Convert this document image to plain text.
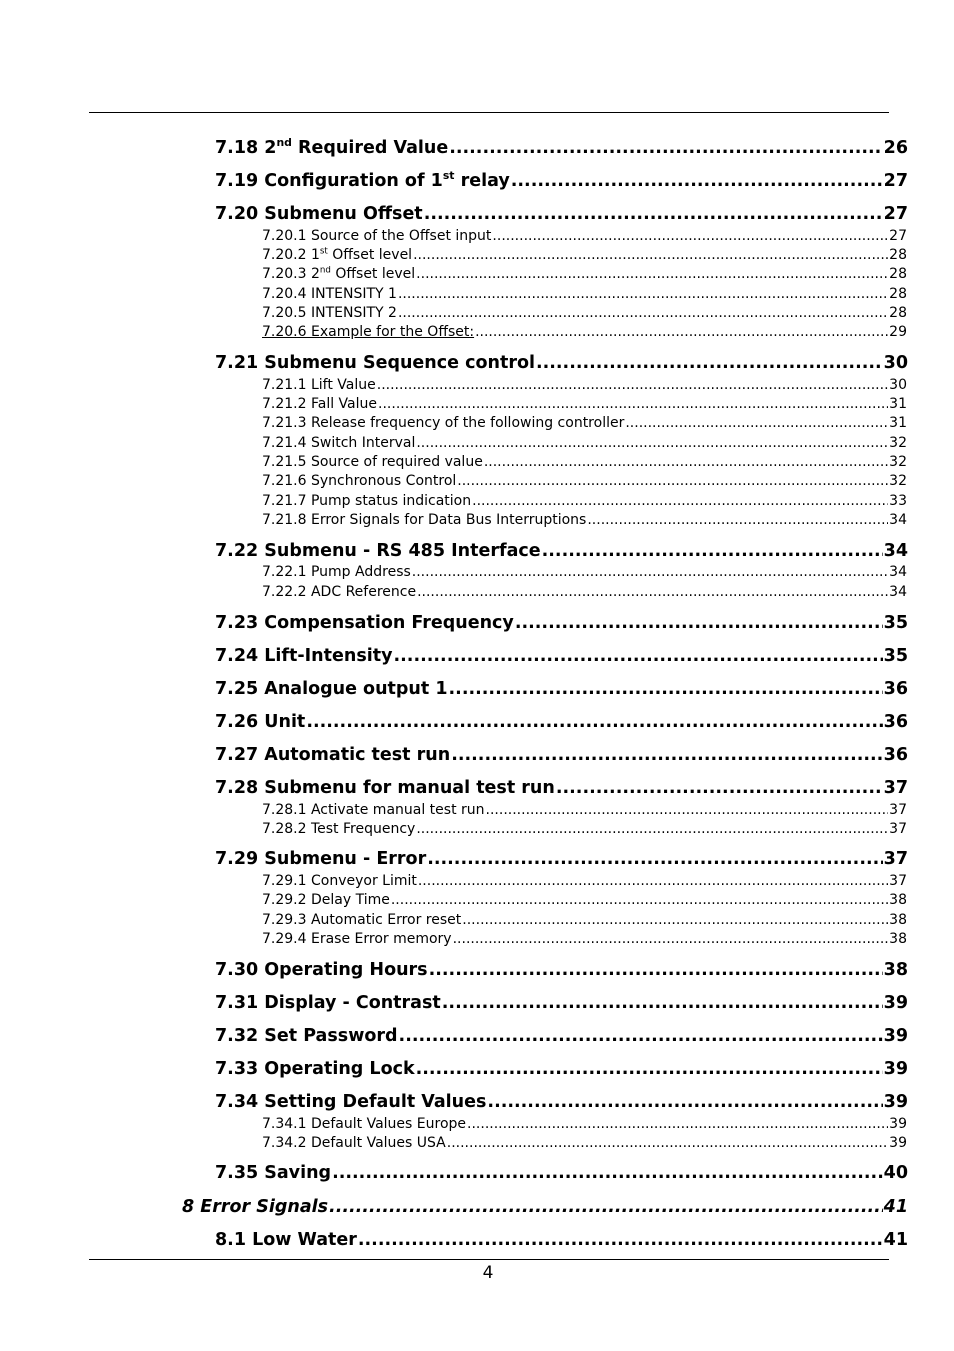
7.18 2nd Required Value .....	26
7.19 Configuration of 1st relay .....	27
7.20 Submenu Offset .....	27
7.20.1 Source of the Offset input .....	27
7.20.2 1st Offset level .....	28
7.20.3 2nd Offset level .....	28
7.20.4 INTENSITY 1 .....	28
7.20.5 INTENSITY 2 .....	28
7.20.6 Example for the Offset: .....	29
7.21 Submenu Sequence control .....	30
7.21.1 Lift Value .....	30
7.21.2 Fall Value .....	31
7.21.3 Release frequency of the following controller .....	31
7.21.4 Switch Interval .....	32
7.21.5 Source of required value .....	32
7.21.6 Synchronous Control .....	32
7.21.7 Pump status indication .....	33
7.21.8 Error Signals for Data Bus Interruptions .....	34
7.22 Submenu - RS 485 Interface .....	34
7.22.1 Pump Address .....	34
7.22.2 ADC Reference .....	34
7.23 Compensation Frequency .....	35
7.24 Lift-Intensity .....	35
7.25 Analogue output 1 .....	36
7.26 Unit .....	36
7.27 Automatic test run .....	36
7.28 Submenu for manual test run .....	37
7.28.1 Activate manual test run .....	37
7.28.2 Test Frequency .....	37
7.29 Submenu - Error .....	37
7.29.1 Conveyor Limit .....	37
7.29.2 Delay Time .....	38
7.29.3 Automatic Error reset .....	38
7.29.4 Erase Error memory .....	38
7.30 Operating Hours .....	38
7.31 Display - Contrast .....	39
7.32 Set Password .....	39
7.33 Operating Lock .....	39
7.34 Setting Default Values .....	39
7.34.1 Default Values Europe .....	39
7.34.2 Default Values USA .....	39
7.35 Saving .....	40
8 Error Signals .....	41
8.1 Low Water .....	41
4
